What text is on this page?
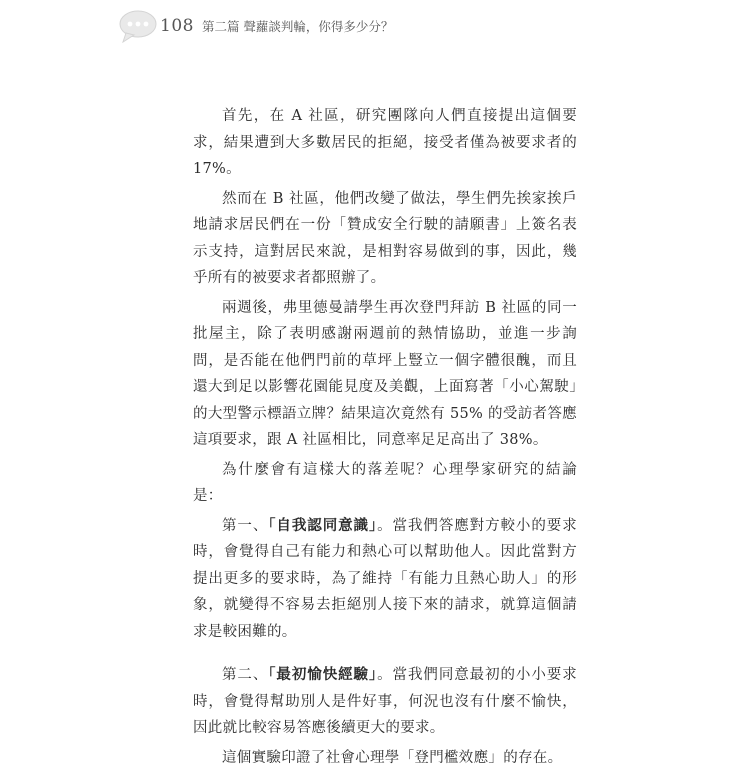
108 第二篇 聲蘿談判輪，你得多少分？

首先，在 A 社區，研究團隊向人們直接提出這個要求，結果遭到大多數居民的拒絕，接受者僅為被要求者的 17%。

然而在 B 社區，他們改變了做法，學生們先挨家挨戶地請求居民們在一份「贊成安全行駛的請願書」上簽名表示支持，這對居民來說，是相對容易做到的事，因此，幾乎所有的被要求者都照辦了。

兩週後，弗里德曼請學生再次登門拜訪 B 社區的同一批屋主，除了表明感謝兩週前的熱情協助，並進一步詢問，是否能在他們門前的草坪上豎立一個字體很醜，而且還大到足以影響花園能見度及美觀，上面寫著「小心駕駛」的大型警示標語立牌？結果這次竟然有 55% 的受訪者答應這項要求，跟 A 社區相比，同意率足足高出了 38%。

為什麼會有這樣大的落差呢？心理學家研究的結論是：

第一、「自我認同意識」。當我們答應對方較小的要求時，會覺得自己有能力和熱心可以幫助他人。因此當對方提出更多的要求時，為了維持「有能力且熱心助人」的形象，就變得不容易去拒絕別人接下來的請求，就算這個請求是較困難的。

第二、「最初愉快經驗」。當我們同意最初的小小要求時，會覺得幫助別人是件好事，何況也沒有什麼不愉快，因此就比較容易答應後續更大的要求。

這個實驗印證了社會心理學「登門檻效應」的存在。
